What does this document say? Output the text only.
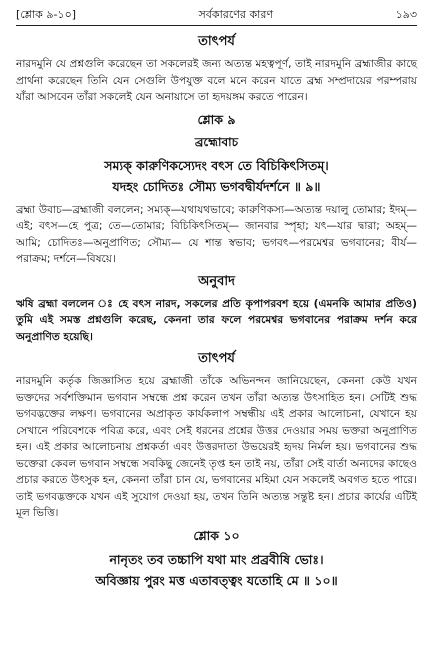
[শ্লোক ৯-১০]	সর্বকারণের কারণ	১৯৩
তাৎপর্য

নারদমুনি যে প্রশ্নগুলি করেছেন তা সকলেরই জন্য অত্যন্ত মহত্বপূর্ণ, তাই নারদমুনি ব্রহ্মাজীর কাছে প্রার্থনা করেছেন তিনি যেন সেগুলি উপযুক্ত বলে মনে করেন যাতে ব্রহ্ম সম্প্রদায়ের পরম্পরায় যাঁরা আসবেন তাঁরা সকলেই যেন অনায়াসে তা হৃদয়ঙ্গম করতে পারেন।

শ্লোক ৯
ব্রহ্মোবাচ
সম্যক্ কারুণিকস্যেদং বৎস তে বিচিকিৎসিতম্।
যদহং চোদিতঃ সৌম্য ভগবদ্বীর্যদর্শনে ॥ ৯॥

ব্রহ্মা উবাচ—ব্রহ্মাজী বললেন; সম্যক্—যথাযথভাবে; কারুণিকস্য—অত্যন্ত দয়ালু তোমার; ইদম্—এই; বৎস—হে পুত্র; তে—তোমার; বিচিকিৎসিতম্— জানবার স্পৃহা; যৎ—যার দ্বারা; অহম্—আমি; চোদিতঃ—অনুপ্রাণিত; সৌম্য— যে শান্ত স্বভাব; ভগবৎ—পরমেশ্বর ভগবানের; বীর্য—পরাক্রম; দর্শনে—বিষয়ে।

অনুবাদ

ঋষি ব্রহ্মা বললেন ঃ হে বৎস নারদ, সকলের প্রতি কৃপাপরবশ হয়ে (এমনকি আমার প্রতিও) তুমি এই সমস্ত প্রশ্নগুলি করেছ, কেননা তার ফলে পরমেশ্বর ভগবানের পরাক্রম দর্শন করে অনুপ্রাণিত হয়েছি।

তাৎপর্য

নারদমুনি কর্তৃক জিজ্ঞাসিত হয়ে ব্রহ্মাজী তাঁকে অভিনন্দন জানিয়েছেন, কেননা কেউ যখন ভক্তদের সর্বশক্তিমান ভগবান সম্বন্ধে প্রশ্ন করেন তখন তাঁরা অত্যন্ত উৎসাহিত হন। সেটিই শুদ্ধ ভগবদ্ভক্তের লক্ষণ। ভগবানের অপ্রাকৃত কার্যকলাপ সম্বন্ধীয় এই প্রকার আলোচনা, যেখানে হয় সেখানে পরিবেশকে পবিত্র করে, এবং সেই ধরনের প্রশ্নের উত্তর দেওয়ার সময় ভক্তরা অনুপ্রাণিত হন। এই প্রকার আলোচনায় প্রশ্নকর্তা এবং উত্তরদাতা উভয়েরই হৃদয় নির্মল হয়। ভগবানের শুদ্ধ ভক্তেরা কেবল ভগবান সম্বন্ধে সবকিছু জেনেই তৃপ্ত হন তাই নয়, তাঁরা সেই বার্তা অন্যদের কাছেও প্রচার করতে উৎসুক হন, কেননা তাঁরা চান যে, ভগবানের মহিমা যেন সকলেই অবগত হতে পারে। তাই ভগবদ্ভক্তকে যখন এই সুযোগ দেওয়া হয়, তখন তিনি অত্যন্ত সন্তুষ্ট হন। প্রচার কার্যের এটিই মূল ভিত্তি।

শ্লোক ১০
নানৃতং তব তচ্চাপি যথা মাং প্রব্রবীষি ভোঃ।
অবিজ্ঞায় পুরং মত্ত এতাবত্ত্বং যতোহি মে ॥ ১০॥
